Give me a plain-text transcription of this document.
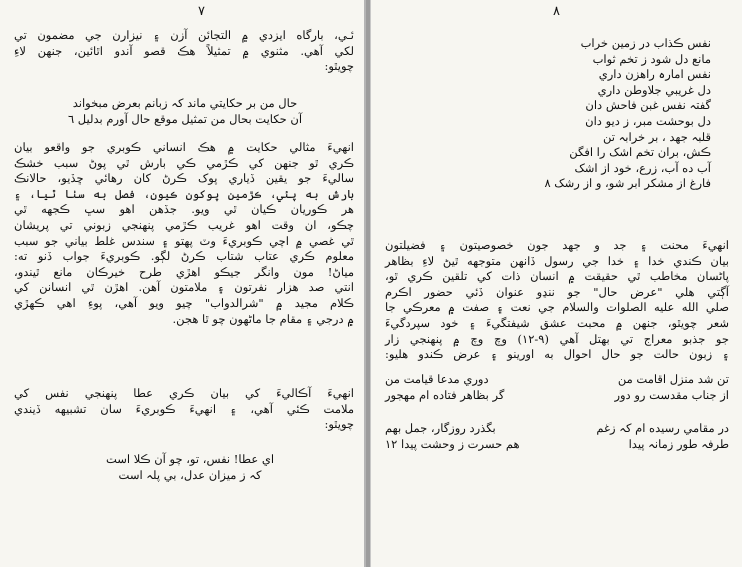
٧
ئـي، بارگاه ايزدي ۾ التجائن آزن ۽ نيزارن جي مضمون تي
لکي آهي. مثنوي ۾ تمثيلاً هڪ قصو آندو اٿائين، جنهن لاءِ
چويٿو:
حال من بر حکايتي ماند کہ زبانم بعرض مبخواند
آن حکايت بحال من تمثيل موقع حال آورم بدليل ٦
انهيءَ مثالي حکايت ۾ هڪ انساني ڪوبري جو واقعو بيان
ڪري ٿو جنهن کي ڪڙمي ڪي بارش ٿي پوڻ سبب خشڪ
ساليءَ جو يقين ڏياري پوک ڪرڻ کان رهائي ڇڏيو، حالانڪ
بارش به پئي، ڪڙمين پوکون ڪيون، فصل به سٺا ٿيا، ۽
هر ڪوريان ڪيان ٿي ويو. جڏهن اهو سڀ ڪجهه ٿي
چڪو، ان وقت اهو غريب ڪڙمي پنهنجي زبوني تي پريشان
ٿي غصي ۾ اچي ڪوبريءَ وٽ پهتو ۽ سندس غلط بياني جو سبب
معلوم ڪري عتاب شتاب ڪرڻ لڳو. ڪوبريءَ جواب ڏنو ته:
مياڻ! مون وانگر جيڪو اهڙي طرح خيرڪان مانع ٿيندو،
انتي صد هزار نفرتون ۽ ملامتون آهن. اهڙن ٿي انسانن کي
ڪلام مجيد ۾ "شرالدواب" چيو ويو آهي، پوءِ اهي ڪهڙي
۾ درجي ۽ مقام جا ماڻهون چو ٿا هجن.
انهيءَ آڪاليءَ کي بيان ڪري عطا پنهنجي نفس کي
ملامت ڪئي آهي، ۽ انهيءَ ڪوبريءَ سان تشبيهه ڏيندي
چويٿو:
اي عطا! نفس، تو، چو آن ڪلا است
کہ ز ميزان عدل، بي پلہ است
٨
نفس ڪذاب در زمين خراب
مانع دل شود ز تخم ثواب
نفس امارہ راهزن داري
دل غريبي جلاوطن داري
گفتہ نفس غبن فاحش دان
دل بوحشت مبر، ز ديو دان
قلبہ جهد ، بر خرابہ تن
ڪش، بران تخم اشک را افگن
آب ده آب، زرع، خود از اشک
فارغ از مشکر ابر شو، و از رشک ٨
انهيءَ محنت ۽ جد و جهد جون خصوصيتون ۽ فضيلتون
بيان ڪندي خدا ۽ خدا جي رسول ڏانهن متوجهه ٿيڻ لاءِ بظاهر
پاڻسان مخاطب ٿي حقيقت ۾ انسان ذات کي تلقين ڪري ٿو،
آڳتي هلي "عرض حال" جو ننڍو عنوان ڏئي حضور اڪرم
صلي الله عليه الصلوات والسلام جي نعت ۽ صفت ۾ معرڪي جا
شعر چويٿو، جنهن ۾ محبت عشق شيفتگيءَ ۽ خود سپردگيءَ
جو جذبو معراج تي بهتل آهي (٩-١٢) وچ وچ ۾ پنهنجي زار
۽ زبون حالت جو حال احوال به اورينو ۽ عرض ڪندو هليو:
تن شد منزل اقامت من
دوري مدعا قيامت من
از جناب مقدست رو دور
گر بظاهر فتاده ام مهجور
در مقامي رسيده ام کہ زغم
بگذرد روزگار، جمل بهم
طرفہ طور زمانہ پيدا
هم حسرت ز وحشت پيدا ١٢
